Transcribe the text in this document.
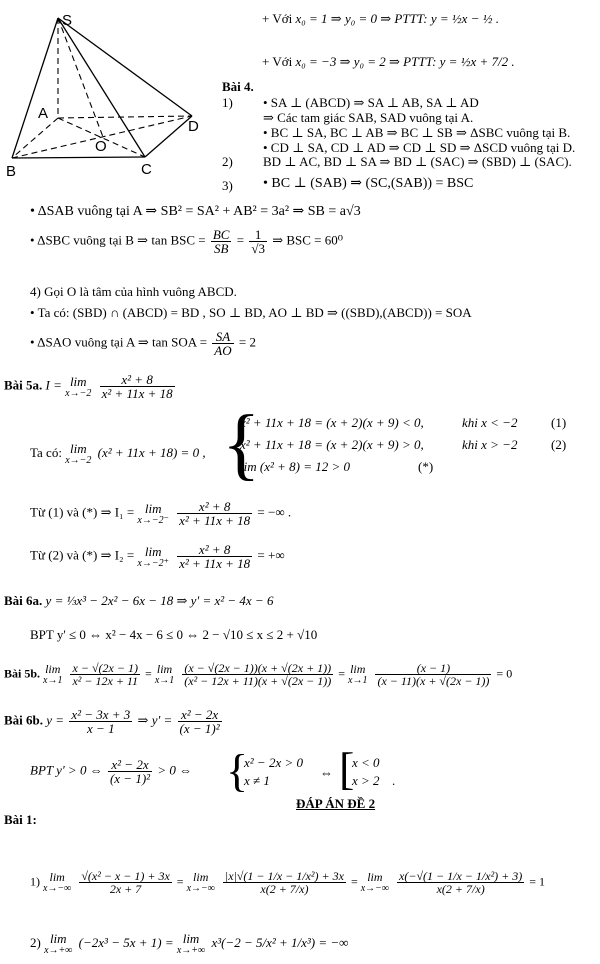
S
A
D
O
B	C
+ Với x₀ = 1 ⇒ y₀ = 0 ⇒ PTTT: y = ½x − ½ .
+ Với x₀ = −3 ⇒ y₀ = 2 ⇒ PTTT: y = ½x + 7/2 .
Bài 4.
1) • SA ⊥ (ABCD) ⇒ SA ⊥ AB, SA ⊥ AD
⇒ Các tam giác SAB, SAD vuông tại A.
• BC ⊥ SA, BC ⊥ AB ⇒ BC ⊥ SB ⇒ ΔSBC vuông tại B.
• CD ⊥ SA, CD ⊥ AD ⇒ CD ⊥ SD ⇒ ΔSCD vuông tại D.
2) BD ⊥ AC, BD ⊥ SA ⇒ BD ⊥ (SAC) ⇒ (SBD) ⊥ (SAC).
3) • BC ⊥ (SAB) ⇒ (SC,(SAB)) = BSC
• ΔSAB vuông tại A ⇒ SB² = SA² + AB² = 3a² ⇒ SB = a√3
• ΔSBC vuông tại B ⇒ tan BSC = $\frac{BC}{SB} = \frac{1}{√3}$ ⇒ BSC = 60⁰
4) Gọi O là tâm của hình vuông ABCD.
• Ta có: (SBD) ∩ (ABCD) = BD , SO ⊥ BD, AO ⊥ BD ⇒ ((SBD),(ABCD)) = SOA
• ΔSAO vuông tại A ⇒ tan SOA = $\frac{SA}{AO} = 2$
Bài 5a. I = lim
x→−2
$\frac{\text{x² + 8}}{\text{x² + 11x + 18}}$
Ta có: lim
x→−2
(x² + 11x + 18) = 0 , {
x² + 11x + 18 = (x + 2)(x + 9) < 0,	khi x < −2	(1)
x² + 11x + 18 = (x + 2)(x + 9) > 0,	khi x > −2	(2)
lim (x² + 8) = 12 > 0	(*)
Từ (1) và (*) ⇒ I₁ = lim
x→−2⁻
$\frac{\text{x² + 8}}{\text{x² + 11x + 18}}$ = −∞ .
Từ (2) và (*) ⇒ I₂ = lim
x→−2⁺
$\frac{\text{x² + 8}}{\text{x² + 11x + 18}}$ = +∞
Bài 6a. y = ⅓x³ − 2x² − 6x − 18 ⇒ y' = x² − 4x − 6
BPT y' ≤ 0 ⇔ x² − 4x − 6 ≤ 0 ⇔ 2 − √10 ≤ x ≤ 2 + √10
Bài 5b. lim
x→1
$\frac{x - √(2x - 1)}{\text{x² − 12x + 11}} = \lim$
x→1
$\frac{(x - √(2x - 1))(x + √(2x + 1))}{\text{(x² − 12x + 11)(x + √(2x − 1))}} = \lim$
x→1
$\frac{(x - 1)}{(x - 11)(x + √(2x - 1))} = 0$
Bài 6b. $y = \frac{\text{x² − 3x + 3}}{x - 1}$ ⇒ $y' = \frac{\text{x² − 2x}}{\text{(x − 1)²}}$
BPT y' > 0 ⇔ $\frac{\text{x² − 2x}}{\text{(x − 1)²}} > 0$ ⇔ {
x² − 2x > 0
x ≠ 1
⇔ [
x < 0
x > 2 .
ĐÁP ÁN ĐỀ 2
Bài 1:
1) lim
x→−∞
$\frac{\text{√(x² − x − 1) + 3x}}{2x + 7} = \lim$
x→−∞
$\frac{\text{|x|√(1 − 1/x − 1/x²) + 3x}}{x(2 + 7/x)} = \lim$
x→−∞
$\frac{\text{x(−√(1 − 1/x − 1/x²) + 3)}}{x(2 + 7/x)} = 1$
2) lim
x→+∞
(−2x³ − 5x + 1) = lim
x→+∞
x³(−2 − 5/x² + 1/x³) = −∞
